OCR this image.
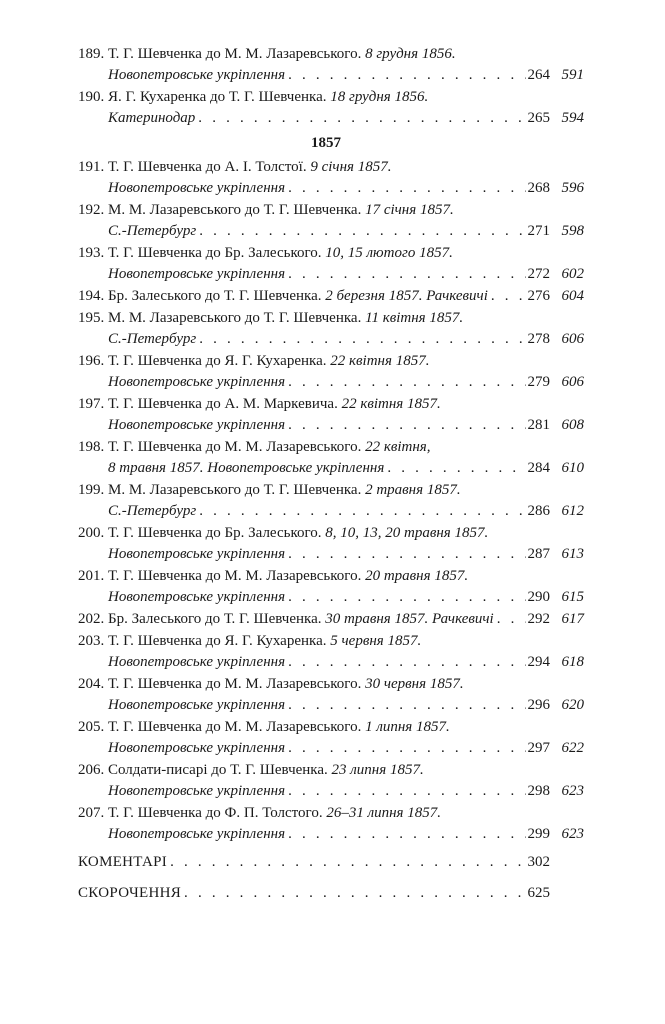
189.
Т. Г. Шевченка до М. М. Лазаревського.
8 грудня 1856.
Новопетровське укріплення . . .	264 591
190.
Я. Г. Кухаренка до Т. Г. Шевченка.
18 грудня 1856.
Катеринодар . . .	265 594
1857
191.
Т. Г. Шевченка до А. І. Толстої.
9 січня 1857.
Новопетровське укріплення . . .	268 596
192.
М. М. Лазаревського до Т. Г. Шевченка.
17 січня 1857.
С.-Петербург . . .	271 598
193.
Т. Г. Шевченка до Бр. Залеського.
10, 15 лютого 1857.
Новопетровське укріплення . . .	272 602
194.
Бр. Залеського до Т. Г. Шевченка.
2 березня 1857. Рачкевичі . . .	276 604
195.
М. М. Лазаревського до Т. Г. Шевченка.
11 квітня 1857.
С.-Петербург . . .	278 606
196.
Т. Г. Шевченка до Я. Г. Кухаренка.
22 квітня 1857.
Новопетровське укріплення . . .	279 606
197.
Т. Г. Шевченка до А. М. Маркевича.
22 квітня 1857.
Новопетровське укріплення . . .	281 608
198.
Т. Г. Шевченка до М. М. Лазаревського.
22 квітня,
8 травня 1857. Новопетровське укріплення . . .	284 610
199.
М. М. Лазаревського до Т. Г. Шевченка.
2 травня 1857.
С.-Петербург . . .	286 612
200.
Т. Г. Шевченка до Бр. Залеського.
8, 10, 13, 20 травня 1857.
Новопетровське укріплення . . .	287 613
201.
Т. Г. Шевченка до М. М. Лазаревського.
20 травня 1857.
Новопетровське укріплення . . .	290 615
202.
Бр. Залеського до Т. Г. Шевченка.
30 травня 1857. Рачкевичі . . . 292 617
203.
Т. Г. Шевченка до Я. Г. Кухаренка.
5 червня 1857.
Новопетровське укріплення . . .	294 618
204.
Т. Г. Шевченка до М. М. Лазаревського.
30 червня 1857.
Новопетровське укріплення . . .	296 620
205.
Т. Г. Шевченка до М. М. Лазаревського.
1 липня 1857.
Новопетровське укріплення . . .	297 622
206.
Солдати-писарі до Т. Г. Шевченка.
23 липня 1857.
Новопетровське укріплення . . .	298 623
207.
Т. Г. Шевченка до Ф. П. Толстого.
26–31 липня 1857.
Новопетровське укріплення . . .	299 623
КОМЕНТАРІ . . .	302
СКОРОЧЕННЯ . . .	625
